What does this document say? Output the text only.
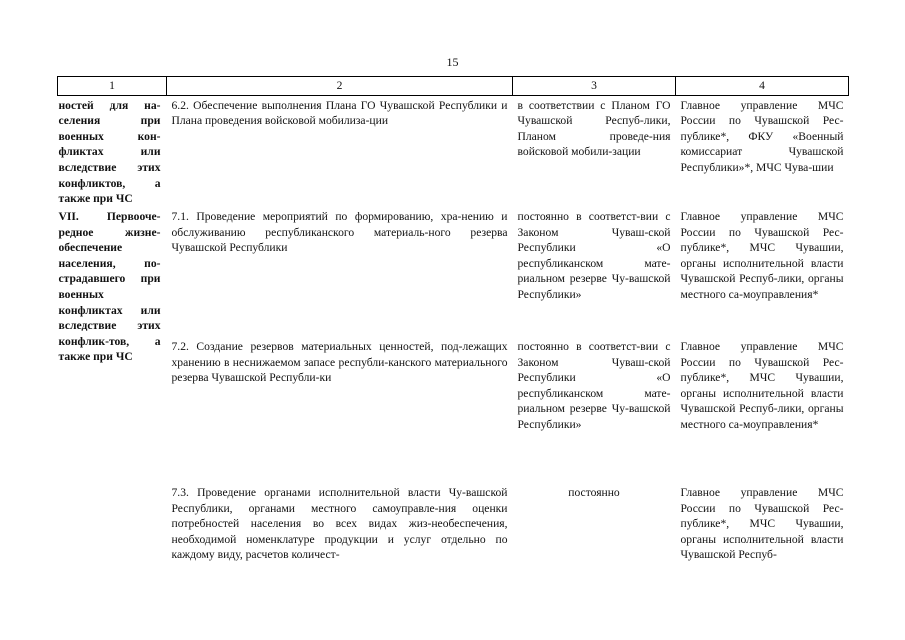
15
1	2	3	4
ностей для на-селения при военных кон-фликтах или вследствие этих конфликтов, а также при ЧС	6.2. Обеспечение выполнения Плана ГО Чувашской Республики и Плана проведения войсковой мобилиза-ции	в соответствии с Планом ГО Чувашской Респуб-лики, Планом проведе-ния войсковой мобили-зации	Главное управление МЧС России по Чувашской Рес-публике*, ФКУ «Военный комиссариат Чувашской Республики»*, МЧС Чува-шии
VII. Первооче-редное жизне-обеспечение населения, по-страдавшего при военных конфликтах или вследствие этих конфлик-тов, а также при ЧС	7.1. Проведение мероприятий по формированию, хра-нению и обслуживанию республиканского материаль-ного резерва Чувашской Республики	постоянно в соответст-вии с Законом Чуваш-ской Республики «О республиканском мате-риальном резерве Чу-вашской Республики»	Главное управление МЧС России по Чувашской Рес-публике*, МЧС Чувашии, органы исполнительной власти Чувашской Респуб-лики, органы местного са-моуправления*
	7.2. Создание резервов материальных ценностей, под-лежащих хранению в неснижаемом запасе республи-канского материального резерва Чувашской Республи-ки	постоянно в соответст-вии с Законом Чуваш-ской Республики «О республиканском мате-риальном резерве Чу-вашской Республики»	Главное управление МЧС России по Чувашской Рес-публике*, МЧС Чувашии, органы исполнительной власти Чувашской Респуб-лики, органы местного са-моуправления*
	7.3. Проведение органами исполнительной власти Чу-вашской Республики, органами местного самоуправле-ния оценки потребностей населения во всех видах жиз-необеспечения, необходимой номенклатуре продукции и услуг отдельно по каждому виду, расчетов количест-	постоянно	Главное управление МЧС России по Чувашской Рес-публике*, МЧС Чувашии, органы исполнительной власти Чувашской Респуб-
